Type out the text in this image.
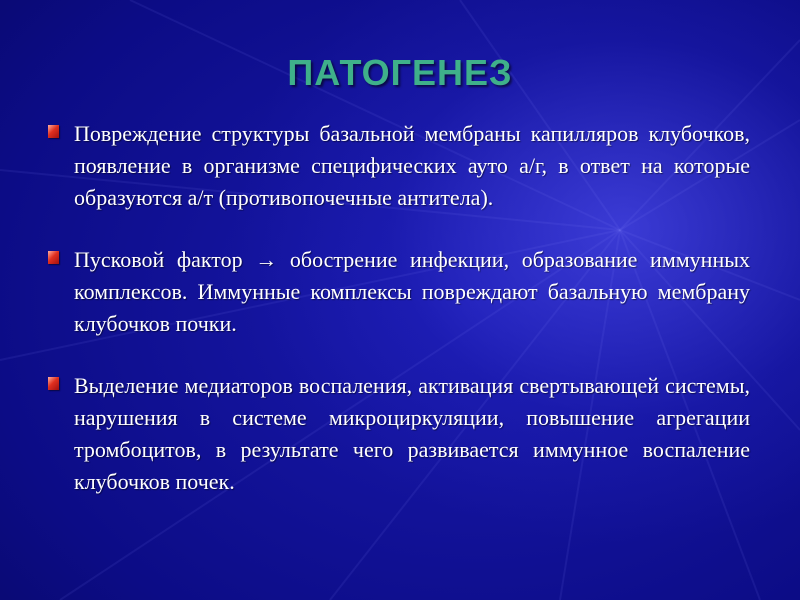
ПАТОГЕНЕЗ
Повреждение структуры базальной мембраны капилляров клубочков, появление в организме специфических ауто а/г, в ответ на которые образуются а/т (противопочечные антитела).
Пусковой фактор → обострение инфекции, образование иммунных комплексов. Иммунные комплексы повреждают базальную мембрану клубочков почки.
Выделение медиаторов воспаления, активация свертывающей системы, нарушения в системе микроциркуляции, повышение агрегации тромбоцитов, в результате чего развивается иммунное воспаление клубочков почек.
